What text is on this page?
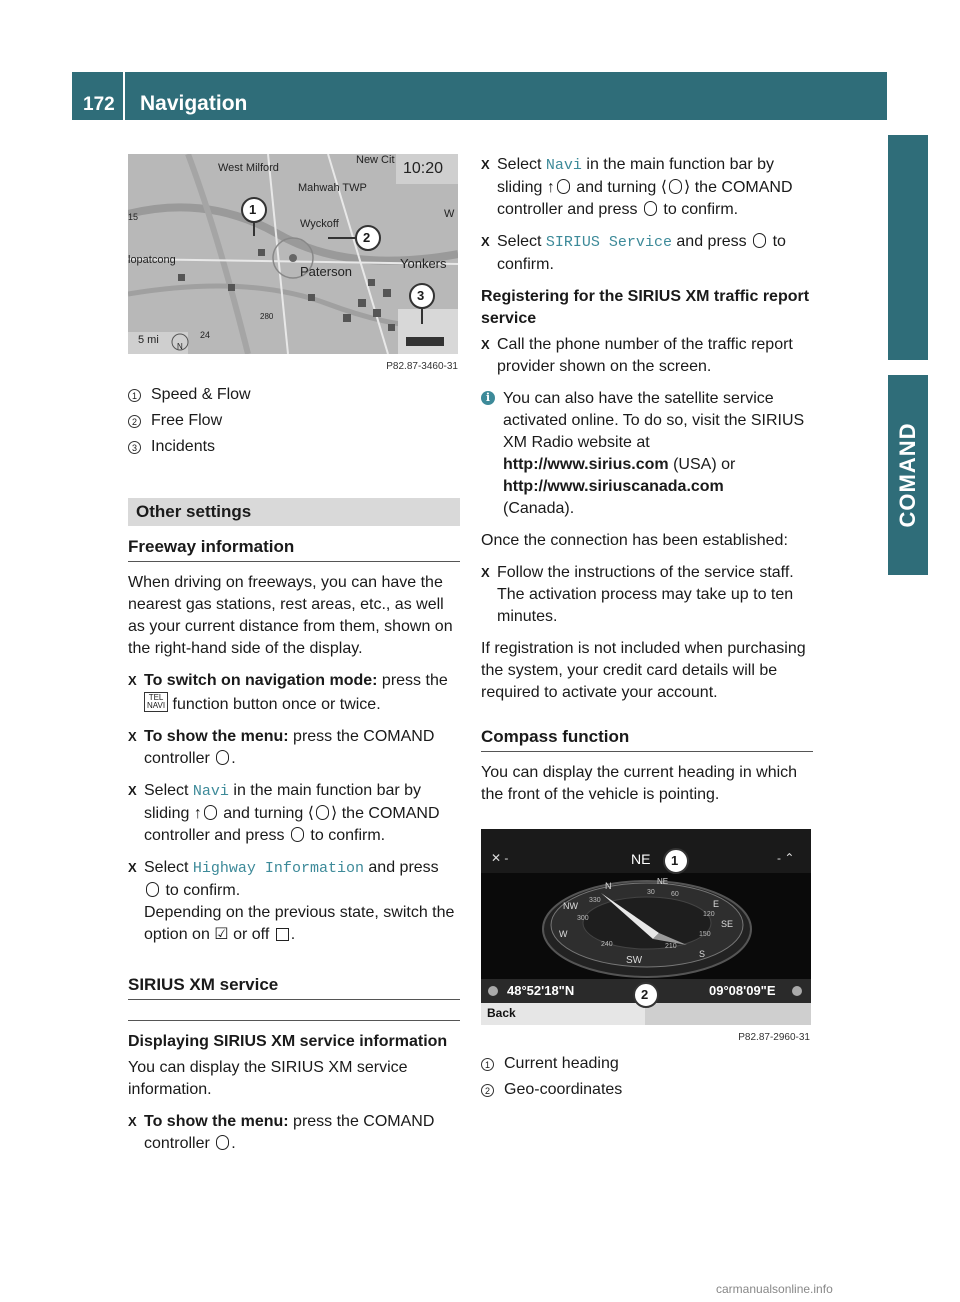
172 Navigation
COMAND
10:20
West Milford
New Cit
Mahwah TWP
Wyckoff
W
lopatcong
Paterson
Yonkers
15
280
24
5 mi
N
1
2
3
P82.87-3460-31
1 Speed & Flow
2 Free Flow
3 Incidents
Other settings
Freeway information

When driving on freeways, you can have the nearest gas stations, rest areas, etc., as well as your current distance from them, shown on the right-hand side of the display.

X To switch on navigation mode: press the TEL
NAVI function button once or twice.
X To show the menu: press the COMAND controller .
X Select Navi in the main function bar by sliding ↑ and turning ⟨ ⟩ the COMAND controller and press  to confirm.
X Select Highway Information and press
to confirm.
Depending on the previous state, switch the option on ☑ or off .
SIRIUS XM service
Displaying SIRIUS XM service information

You can display the SIRIUS XM service information.

X To show the menu: press the COMAND controller .
X Select Navi in the main function bar by sliding ↑ and turning ⟨ ⟩ the COMAND controller and press  to confirm.
X Select SIRIUS Service and press  to confirm.
Registering for the SIRIUS XM traffic report service
X Call the phone number of the traffic report provider shown on the screen.
i You can also have the satellite service activated online. To do so, visit the SIRIUS XM Radio website at
http://www.sirius.com (USA) or
http://www.siriuscanada.com
(Canada).

Once the connection has been established:

X Follow the instructions of the service staff. The activation process may take up to ten minutes.

If registration is not included when purchasing the system, your credit card details will be required to activate your account.

Compass function

You can display the current heading in which the front of the vehicle is pointing.

✕ -	- ⌃
NE 1
NE
E
SE
S
SW
W
NW
N
30 60
120
150
210
240
300
330
48°52'18"N	09°08'09"E
2
Back
P82.87-2960-31
1 Current heading
2 Geo-coordinates
carmanualsonline.info
